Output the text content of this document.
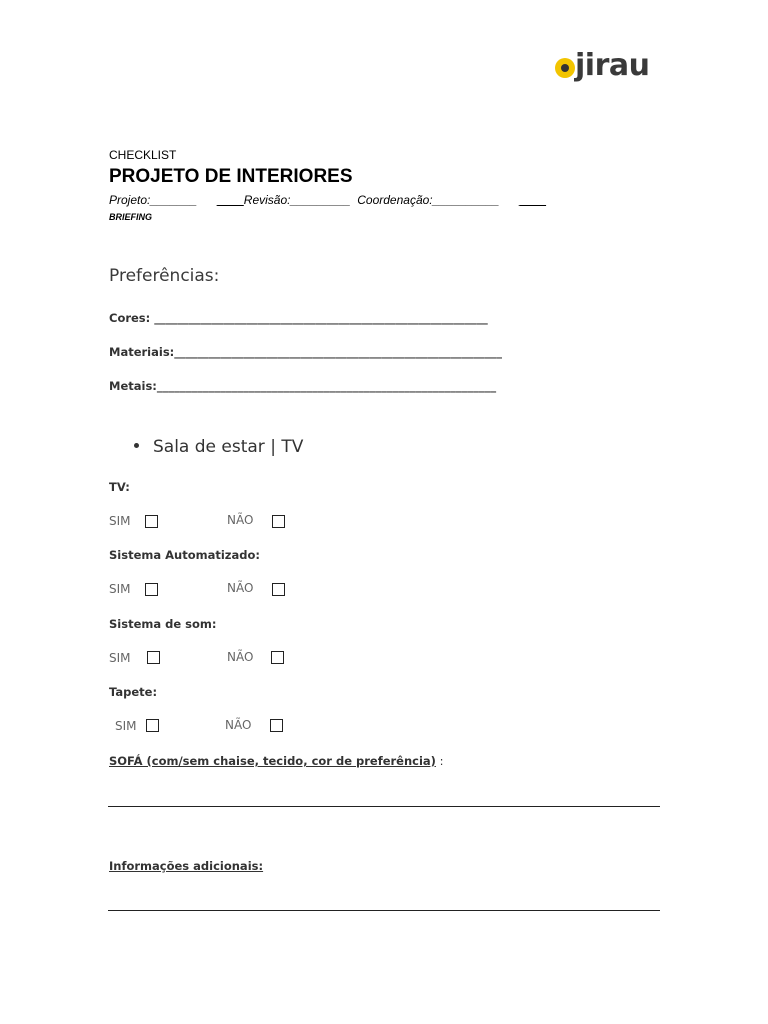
jirau
CHECKLIST
PROJETO DE INTERIORES
Projeto:_______ ____Revisão:_________ Coordenação:__________ ____
BRIEFING
Preferências:
Cores: __________________________________________________________
Materiais:_________________________________________________________
Metais:___________________________________________________________
Sala de estar | TV
TV:
SIM	NÃO
Sistema Automatizado:
SIM	NÃO
Sistema de som:
SIM	NÃO
Tapete:
SIM	NÃO
SOFÁ (com/sem chaise, tecido, cor de preferência) :
Informações adicionais:
